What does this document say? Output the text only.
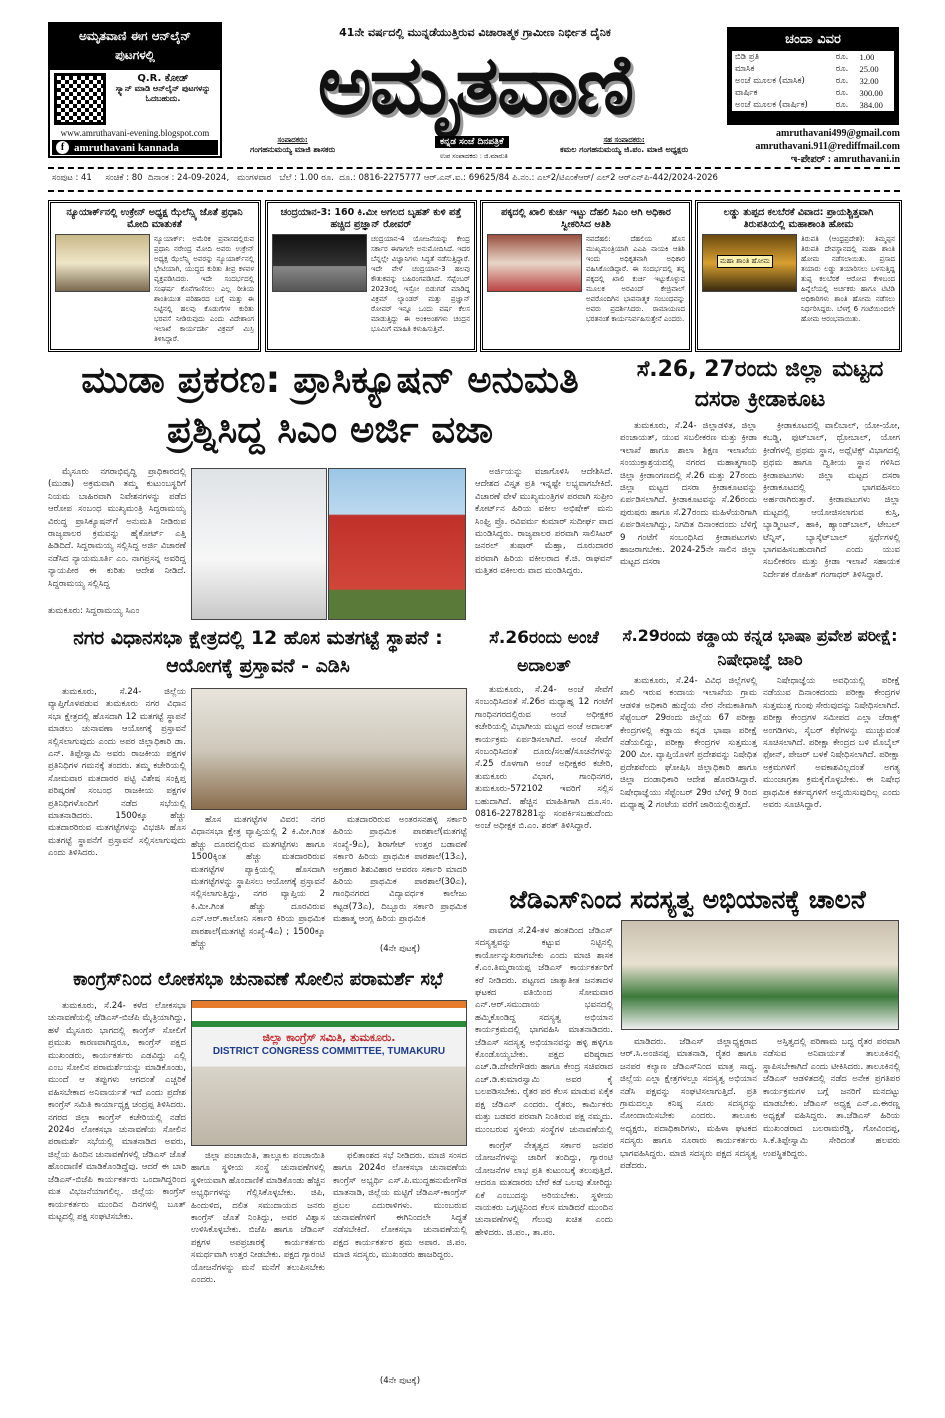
ಅಮೃತವಾಣಿ ಈಗ ಆನ್‌ಲೈನ್ ಪುಟಗಳಲ್ಲಿ
Q.R. ಕೋಡ್
ಸ್ಕ್ಯಾನ್ ಮಾಡಿ ಆನ್‌ಲೈನ್ ಪುಟಗಳನ್ನು ಓದಬಹುದು.
www.amruthavani-evening.blogspot.com
f amruthavani kannada
41ನೇ ವರ್ಷದಲ್ಲಿ ಮುನ್ನಡೆಯುತ್ತಿರುವ ವಿಚಾರಾತ್ಮಕ ಗ್ರಾಮೀಣ ನಿರ್ಭೀತ ದೈನಿಕ
ಅಮೃತವಾಣಿ
ಕನ್ನಡ ಸಂಜೆ ದಿನಪತ್ರಿಕೆ
ಉಪ ಸಂಪಾದಕರು : ಜಿ.ಮಾರುತಿ
ಸಂಪಾದಕರು:
ಗಂಗಹನುಮಯ್ಯ ಮಾಜಿ ಶಾಸಕರು
ಸಹ ಸಂಪಾದಕರು:
ಕಮಲ ಗಂಗಹನುಮಯ್ಯ ಜಿ.ಪಂ. ಮಾಜಿ ಅಧ್ಯಕ್ಷರು
ಚಂದಾ ವಿವರ
ಬಿಡಿ ಪ್ರತಿ	ರೂ.	1.00
ಮಾಸಿಕ	ರೂ.	25.00
ಅಂಚೆ ಮೂಲಕ (ಮಾಸಿಕ)	ರೂ.	32.00
ವಾರ್ಷಿಕ	ರೂ.	300.00
ಅಂಚೆ ಮೂಲಕ (ವಾರ್ಷಿಕ)	ರೂ.	384.00
amruthavani499@gmail.com
amruthavani.911@rediffmail.com
ಇ-ಪೇಪರ್ : amruthavani.in
ಸಂಪುಟ : 41     ಸಂಚಿಕೆ : 80  ದಿನಾಂಕ : 24-09-2024,   ಮಂಗಳವಾರ   ಬೆಲೆ : 1.00 ರೂ.  ದೂ.: 0816-2275777 ಆರ್.ಎನ್.ಐ.: 69625/84 ಪಿ.ನಂ.: ಎಲ್2/ಟಿಎಂಕೆಆರ್/ ಎಲ್2 ಆರ್‌ಎನ್‌ಪಿ-442/2024-2026
ನ್ಯೂಯಾರ್ಕ್‌ನಲ್ಲಿ ಉಕ್ರೇನ್ ಅಧ್ಯಕ್ಷ ಝೆಲೆನ್ಸ್ಕಿ ಜೊತೆ ಪ್ರಧಾನಿ ಮೋದಿ ಮಾತುಕತೆ
ನ್ಯೂಯಾರ್ಕ್: ಅಮೆರಿಕ ಪ್ರವಾಸದಲ್ಲಿರುವ ಪ್ರಧಾನಿ ನರೇಂದ್ರ ಮೋದಿ ಅವರು ಉಕ್ರೇನ್ ಅಧ್ಯಕ್ಷ ಝೆಲೆನ್ಸ್ಕಿ ಅವರನ್ನು ನ್ಯೂಯಾರ್ಕ್‌ನಲ್ಲಿ ಭೇಟಿಯಾಗಿ, ಯುದ್ಧದ ಕುರಿತು ತೀವ್ರ ಕಳವಳ ವ್ಯಕ್ತಪಡಿಸಿದರು. ಇದೇ ಸಂದರ್ಭದಲ್ಲಿ ಸಂಘರ್ಷ ಕೊನೆಗಾಣಿಸಲು ಎಲ್ಲ ರೀತಿಯ ಶಾಂತಿಯುತ ಪರಿಹಾರದ ಬಗ್ಗೆ ಮತ್ತು ಈ ನಿಟ್ಟಿನಲ್ಲಿ ಹಲವು ಕೊಡುಗೆಗಳ ಕುರಿತು ಭರವಸೆ ನೀಡಿರುವುದು ಎಂದು ವಿದೇಶಾಂಗ ಇಲಾಖೆ ಕಾರ್ಯದರ್ಶಿ ವಿಕ್ರಮ್ ಮಿಸ್ರಿ ತಿಳಿಸಿದ್ದಾರೆ.
ಚಂದ್ರಯಾನ-3: 160 ಕಿ.ಮೀ ಅಗಲದ ಬೃಹತ್ ಕುಳಿ ಪತ್ತೆ ಹಚ್ಚಿದ ಪ್ರಜ್ಞಾನ್ ರೋವರ್
ಚಂದ್ರಯಾನ-4 ಯೋಜನೆಯನ್ನು ಕೇಂದ್ರ ಸರ್ಕಾರ ಈಗಾಗಲೇ ಅನುಮೋದಿಸಿದೆ. ಇದರ ಬೆನ್ನಲ್ಲೇ ವಿಜ್ಞಾನಿಗಳು ಸಿದ್ಧತೆ ನಡೆಸುತ್ತಿದ್ದಾರೆ. ಇದೇ ವೇಳೆ ಚಂದ್ರಯಾನ-3 ಹಲವು ಕೌತುಕವನ್ನು ಬಹಿರಂಗಪಡಿಸಿದೆ. ಸೆಪ್ಟೆಂಬರ್ 2023ರಲ್ಲಿ ಇಸ್ರೋ ಬಿಡುಗಡೆ ಮಾಡಿದ್ದ ವಿಕ್ರಮ್ ಲ್ಯಾಂಡರ್ ಮತ್ತು ಪ್ರಜ್ಞಾನ್ ರೋವರ್ ಇನ್ನೂ ಒಂದು ವರ್ಷ ಕೆಲಸ ಮಾಡುತ್ತಿದ್ದು ಈ ಅಂಕಿಅಂಶಗಳು ಚಂದ್ರನ ಭೂಮಿಗೆ ಮಾಹಿತಿ ಕಳುಹಿಸುತ್ತಿವೆ.
ಪಕ್ಕದಲ್ಲಿ ಖಾಲಿ ಕುರ್ಚಿ ಇಟ್ಟು ದೆಹಲಿ ಸಿಎಂ ಆಗಿ ಅಧಿಕಾರ ಸ್ವೀಕರಿಸಿದ ಆತಿಶಿ
ನವದೆಹಲಿ: ದೆಹಲಿಯ ಹೊಸ ಮುಖ್ಯಮಂತ್ರಿಯಾಗಿ ಎಎಪಿ ನಾಯಕಿ ಆತಿಶಿ ಇಂದು ಅಧಿಕೃತವಾಗಿ ಅಧಿಕಾರ ವಹಿಸಿಕೊಂಡಿದ್ದಾರೆ. ಈ ಸಂದರ್ಭದಲ್ಲಿ ತನ್ನ ಪಕ್ಕದಲ್ಲಿ ಖಾಲಿ ಕುರ್ಚಿ ಇಟ್ಟುಕೊಳ್ಳುವ ಮೂಲಕ ಅರವಿಂದ್ ಕೇಜ್ರಿವಾಲ್ ಅವರೊಂದಿಗಿನ ಭಾವನಾತ್ಮಕ ಸಂಬಂಧವನ್ನು ಅವರು ಪ್ರದರ್ಶಿಸಿದರು. ರಾಮಾಯಣದ ಭರತನಂತೆ ಕಾರ್ಯನಿರ್ವಹಿಸುತ್ತೇನೆ ಎಂದರು.
ಲಡ್ಡು ತುಪ್ಪದ ಕಲಬೆರಕೆ ವಿವಾದ: ಪ್ರಾಯಶ್ಚಿತ್ತವಾಗಿ ತಿರುಪತಿಯಲ್ಲಿ ಮಹಾಶಾಂತಿ ಹೋಮ
ಮಹಾ ಶಾಂತಿ ಹೋಮ
ತಿರುಪತಿ (ಆಂಧ್ರಪ್ರದೇಶ): ತಿಮ್ಮಪ್ಪನ ತಿರುಪತಿ ದೇವಸ್ಥಾನದಲ್ಲಿ ಮಹಾ ಶಾಂತಿ ಹೋಮ ನಡೆಸಲಾಯಿತು. ಪ್ರಸಾದ ತಯಾರು ಲಡ್ಡು ತಯಾರಿಸಲು ಬಳಸುತ್ತಿದ್ದ ತುಪ್ಪ ಕಲಬೆರಕೆ ಆರೋಪ ಕೇಳಿಬಂದ ಹಿನ್ನೆಲೆಯಲ್ಲಿ ಅರ್ಚಕರು ಹಾಗೂ ಟಿಟಿಡಿ ಅಧಿಕಾರಿಗಳು ಶಾಂತಿ ಹೋಮ ನಡೆಸಲು ನಿರ್ಧರಿಸಿದ್ದರು. ಬೆಳಗ್ಗೆ 6 ಗಂಟೆಯಿಂದಲೇ ಹೋಮ ಆರಂಭವಾಯಿತು.
ಮುಡಾ ಪ್ರಕರಣ: ಪ್ರಾಸಿಕ್ಯೂಷನ್ ಅನುಮತಿ ಪ್ರಶ್ನಿಸಿದ್ದ ಸಿಎಂ ಅರ್ಜಿ ವಜಾ
ಮೈಸೂರು ನಗರಾಭಿವೃದ್ಧಿ ಪ್ರಾಧಿಕಾರದಲ್ಲಿ (ಮುಡಾ) ಅಕ್ರಮವಾಗಿ ತಮ್ಮ ಕುಟುಂಬಸ್ಥರಿಗೆ ನಿಯಮ ಬಾಹಿರವಾಗಿ ನಿವೇಶನಗಳನ್ನು ಪಡೆದ ಆರೋಪ ಸಂಬಂಧ ಮುಖ್ಯಮಂತ್ರಿ ಸಿದ್ದರಾಮಯ್ಯ ವಿರುದ್ಧ ಪ್ರಾಸಿಕ್ಯೂಷನ್‌ಗೆ ಅನುಮತಿ ನೀಡಿರುವ ರಾಜ್ಯಪಾಲರ ಕ್ರಮವನ್ನು ಹೈಕೋರ್ಟ್ ಎತ್ತಿ ಹಿಡಿದಿದೆ. ಸಿದ್ದರಾಮಯ್ಯ ಸಲ್ಲಿಸಿದ್ದ ಅರ್ಜಿ ವಿಚಾರಣೆ ನಡೆಸಿದ ನ್ಯಾಯಮೂರ್ತಿ ಎಂ. ನಾಗಪ್ರಸನ್ನ ಅವರಿದ್ದ ನ್ಯಾಯಪೀಠ ಈ ಕುರಿತು ಆದೇಶ ನೀಡಿದೆ. ಸಿದ್ದರಾಮಯ್ಯ ಸಲ್ಲಿಸಿದ್ದ
ತುಮಕೂರು: ಸಿದ್ದರಾಮಯ್ಯ ಸಿಎಂ
ಅರ್ಜಿಯನ್ನು ವಜಾಗೊಳಿಸಿ ಆದೇಶಿಸಿದೆ. ಆದೇಶದ ವಿಸ್ತೃತ ಪ್ರತಿ ಇನ್ನಷ್ಟೇ ಲಭ್ಯವಾಗಬೇಕಿದೆ. ವಿಚಾರಣೆ ವೇಳೆ ಮುಖ್ಯಮಂತ್ರಿಗಳ ಪರವಾಗಿ ಸುಪ್ರೀಂ ಕೋರ್ಟ್‌ನ ಹಿರಿಯ ವಕೀಲ ಅಭಿಷೇಕ್ ಮನು ಸಿಂಘ್ವಿ ಪ್ರೊ. ರವಿವರ್ಮ ಕುಮಾರ್ ಸುದೀರ್ಘ ವಾದ ಮಂಡಿಸಿದ್ದರು. ರಾಜ್ಯಪಾಲರ ಪರವಾಗಿ ಸಾಲಿಸಿಟರ್ ಜನರಲ್ ತುಷಾರ್ ಮೆಹ್ತಾ, ದೂರುದಾರರ ಪರವಾಗಿ ಹಿರಿಯ ವಕೀಲರಾದ ಕೆ.ಜಿ. ರಾಘವನ್ ಮತ್ತಿತರ ವಕೀಲರು ವಾದ ಮಂಡಿಸಿದ್ದರು.
ಸೆ.26, 27ರಂದು ಜಿಲ್ಲಾ ಮಟ್ಟದ ದಸರಾ ಕ್ರೀಡಾಕೂಟ
ತುಮಕೂರು, ಸೆ.24- ಜಿಲ್ಲಾಡಳಿತ, ಜಿಲ್ಲಾ ಪಂಚಾಯತ್, ಯುವ ಸಬಲೀಕರಣ ಮತ್ತು ಕ್ರೀಡಾ ಇಲಾಖೆ ಹಾಗೂ ಶಾಲಾ ಶಿಕ್ಷಣ ಇಲಾಖೆಯ ಸಂಯುಕ್ತಾಶ್ರಯದಲ್ಲಿ ನಗರದ ಮಹಾತ್ಮಗಾಂಧಿ ಜಿಲ್ಲಾ ಕ್ರೀಡಾಂಗಣದಲ್ಲಿ ಸೆ.26 ಮತ್ತು 27ರಂದು ಜಿಲ್ಲಾ ಮಟ್ಟದ ದಸರಾ ಕ್ರೀಡಾಕೂಟವನ್ನು ಏರ್ಪಡಿಸಲಾಗಿದೆ. ಕ್ರೀಡಾಕೂಟವನ್ನು ಸೆ.26ರಂದು ಪುರುಷರು ಹಾಗೂ ಸೆ.27ರಂದು ಮಹಿಳೆಯರಿಗಾಗಿ ಏರ್ಪಡಿಸಲಾಗಿದ್ದು, ನಿಗದಿತ ದಿನಾಂಕದಂದು ಬೆಳಿಗ್ಗೆ 9 ಗಂಟೆಗೆ ಸಂಬಂಧಿಸಿದ ಕ್ರೀಡಾಪಟುಗಳು ಹಾಜರಾಗಬೇಕು. 2024-25ನೇ ಸಾಲಿನ ಜಿಲ್ಲಾ ಮಟ್ಟದ ದಸರಾ
ಕ್ರೀಡಾಕೂಟದಲ್ಲಿ ವಾಲಿಬಾಲ್, ಯೋ-ಯೋ, ಕಬಡ್ಡಿ, ಫುಟ್‌ಬಾಲ್, ಥ್ರೋಬಾಲ್, ಯೋಗ ಕ್ರೀಡೆಗಳಲ್ಲಿ ಪ್ರಥಮ ಸ್ಥಾನ, ಅಥ್ಲೆಟಿಕ್ಸ್ ವಿಭಾಗದಲ್ಲಿ ಪ್ರಥಮ ಹಾಗೂ ದ್ವಿತೀಯ ಸ್ಥಾನ ಗಳಿಸಿದ ಕ್ರೀಡಾಪಟುಗಳು ಜಿಲ್ಲಾ ಮಟ್ಟದ ದಸರಾ ಕ್ರೀಡಾಕೂಟದಲ್ಲಿ ಭಾಗವಹಿಸಲು ಅರ್ಹರಾಗಿರುತ್ತಾರೆ. ಕ್ರೀಡಾಪಟುಗಳು ಜಿಲ್ಲಾ ಮಟ್ಟದಲ್ಲಿ ಆಯೋಜಿಸಲಾಗುವ ಕುಸ್ತಿ, ಬ್ಯಾಡ್ಮಿಂಟನ್, ಹಾಕಿ, ಹ್ಯಾಂಡ್‌ಬಾಲ್, ಟೇಬಲ್ ಟೆನ್ನಿಸ್, ಬ್ಯಾಸ್ಕೆಟ್‌ಬಾಲ್ ಸ್ಪರ್ಧೆಗಳಲ್ಲಿ ಭಾಗವಹಿಸಬಹುದಾಗಿದೆ ಎಂದು ಯುವ ಸಬಲೀಕರಣ ಮತ್ತು ಕ್ರೀಡಾ ಇಲಾಖೆ ಸಹಾಯಕ ನಿರ್ದೇಶಕ ರೋಹಿತ್ ಗಂಗಾಧರ್ ತಿಳಿಸಿದ್ದಾರೆ.
ನಗರ ವಿಧಾನಸಭಾ ಕ್ಷೇತ್ರದಲ್ಲಿ 12 ಹೊಸ ಮತಗಟ್ಟೆ ಸ್ಥಾಪನೆ : ಆಯೋಗಕ್ಕೆ ಪ್ರಸ್ತಾವನೆ - ಎಡಿಸಿ
ತುಮಕೂರು, ಸೆ.24- ಜಿಲ್ಲೆಯ ವ್ಯಾಪ್ತಿಗೊಳಪಡುವ ತುಮಕೂರು ನಗರ ವಿಧಾನ ಸಭಾ ಕ್ಷೇತ್ರದಲ್ಲಿ ಹೊಸದಾಗಿ 12 ಮತಗಟ್ಟೆ ಸ್ಥಾಪನೆ ಮಾಡಲು ಚುನಾವಣಾ ಆಯೋಗಕ್ಕೆ ಪ್ರಸ್ತಾವನೆ ಸಲ್ಲಿಸಲಾಗುವುದು ಎಂದು ಅಪರ ಜಿಲ್ಲಾಧಿಕಾರಿ ಡಾ. ಎನ್. ತಿಪ್ಪೇಸ್ವಾಮಿ ಅವರು ರಾಜಕೀಯ ಪಕ್ಷಗಳ ಪ್ರತಿನಿಧಿಗಳ ಗಮನಕ್ಕೆ ತಂದರು. ತಮ್ಮ ಕಚೇರಿಯಲ್ಲಿ ಸೋಮವಾರ ಮತದಾರರ ಪಟ್ಟಿ ವಿಶೇಷ ಸಂಕ್ಷಿಪ್ತ ಪರಿಷ್ಕರಣೆ ಸಂಬಂಧ ರಾಜಕೀಯ ಪಕ್ಷಗಳ ಪ್ರತಿನಿಧಿಗಳೊಂದಿಗೆ ನಡೆದ ಸಭೆಯಲ್ಲಿ ಮಾತನಾಡಿದರು. 1500ಕ್ಕೂ ಹೆಚ್ಚು ಮತದಾರರಿರುವ ಮತಗಟ್ಟೆಗಳನ್ನು ವಿಭಜಿಸಿ ಹೊಸ ಮತಗಟ್ಟೆ ಸ್ಥಾಪನೆಗೆ ಪ್ರಸ್ತಾವನೆ ಸಲ್ಲಿಸಲಾಗುವುದು ಎಂದು ತಿಳಿಸಿದರು.
ಹೊಸ ಮತಗಟ್ಟೆಗಳ ವಿವರ: ನಗರ ವಿಧಾನಸಭಾ ಕ್ಷೇತ್ರ ವ್ಯಾಪ್ತಿಯಲ್ಲಿ 2 ಕಿ.ಮೀ.ಗಿಂತ ಹೆಚ್ಚು ದೂರದಲ್ಲಿರುವ ಮತಗಟ್ಟೆಗಳು ಹಾಗೂ 1500ಕ್ಕಿಂತ ಹೆಚ್ಚು ಮತದಾರರಿರುವ ಮತಗಟ್ಟೆಗಳ ಪ್ಯಾಕ್ತಿಯಲ್ಲಿ ಹೊಸದಾಗಿ ಮತಗಟ್ಟೆಗಳನ್ನು ಸ್ಥಾಪಿಸಲು ಆಯೋಗಕ್ಕೆ ಪ್ರಸ್ತಾವನೆ ಸಲ್ಲಿಸಲಾಗುತ್ತಿದ್ದು, ನಗರ ವ್ಯಾಪ್ತಿಯ 2 ಕಿ.ಮೀ.ಗಿಂತ ಹೆಚ್ಚು ದೂರವಿರುವ ಎನ್.ಆರ್.ಕಾಲೋನಿ ಸರ್ಕಾರಿ ಕಿರಿಯ ಪ್ರಾಥಮಿಕ ಪಾಠಶಾಲೆ(ಮತಗಟ್ಟೆ ಸಂಖ್ಯೆ-4ಎ) ; 1500ಕ್ಕೂ ಹೆಚ್ಚು
ಮತದಾರರಿರುವ ಅಂತರಸನಹಳ್ಳಿ ಸರ್ಕಾರಿ ಹಿರಿಯ ಪ್ರಾಥಮಿಕ ಪಾಠಶಾಲೆ(ಮತಗಟ್ಟೆ ಸಂಖ್ಯೆ-9ಎ), ಶಿರಾಗೇಟ್ ಉತ್ತರ ಬಡಾವಣೆ ಸರ್ಕಾರಿ ಹಿರಿಯ ಪ್ರಾಥಮಿಕ ಪಾಠಶಾಲೆ(13ಎ), ಅಗ್ರಹಾರ ಶಿಶುವಿಹಾರ ಆವರಣ ಸರ್ಕಾರಿ ಮಾದರಿ ಹಿರಿಯ ಪ್ರಾಥಮಿಕ ಪಾಠಶಾಲೆ(30ಎ), ಗಾಂಧಿನಗರದ ವಿದ್ಯಾವರ್ಧಕ ಕಾಲೇಜು ಕಟ್ಟಡ(73ಎ), ದಿಬ್ಬೂರು ಸರ್ಕಾರಿ ಪ್ರಾಥಮಿಕ ಮಹಾತ್ಮ ಆಂಗ್ಲ ಹಿರಿಯ ಪ್ರಾಥಮಿಕ
(4ನೇ ಪುಟಕ್ಕೆ)
ಸೆ.26ರಂದು ಅಂಚೆ ಅದಾಲತ್
ತುಮಕೂರು, ಸೆ.24- ಅಂಚೆ ಸೇವೆಗೆ ಸಂಬಂಧಿಸಿದಂತೆ ಸೆ.26ರ ಮಧ್ಯಾಹ್ನ 12 ಗಂಟೆಗೆ ಗಾಂಧಿನಗರದಲ್ಲಿರುವ ಅಂಚೆ ಅಧೀಕ್ಷಕರ ಕಚೇರಿಯಲ್ಲಿ ವಿಭಾಗೀಯ ಮಟ್ಟದ ಅಂಚೆ ಅದಾಲತ್ ಕಾರ್ಯಕ್ರಮ ಏರ್ಪಡಿಸಲಾಗಿದೆ. ಅಂಚೆ ಸೇವೆಗೆ ಸಂಬಂಧಿಸಿದಂತೆ ದೂರು/ಸಲಹೆ/ಸೂಚನೆಗಳನ್ನು ಸೆ.25 ರೊಳಗಾಗಿ ಅಂಚೆ ಅಧೀಕ್ಷಕರ ಕಚೇರಿ, ತುಮಕೂರು ವಿಭಾಗ, ಗಾಂಧಿನಗರ, ತುಮಕೂರು-572102 ಇವರಿಗೆ ಸಲ್ಲಿಸ ಬಹುದಾಗಿದೆ. ಹೆಚ್ಚಿನ ಮಾಹಿತಿಗಾಗಿ ದೂ.ಸಂ. 0816-2278281ನ್ನು ಸಂಪರ್ಕಿಸಬಹುದೆಂದು ಅಂಚೆ ಅಧೀಕ್ಷಕ ಬಿ.ಎಂ. ಶರತ್ ತಿಳಿಸಿದ್ದಾರೆ.
ಸೆ.29ರಂದು ಕಡ್ಡಾಯ ಕನ್ನಡ ಭಾಷಾ ಪ್ರವೇಶ ಪರೀಕ್ಷೆ: ನಿಷೇಧಾಜ್ಞೆ ಜಾರಿ
ತುಮಕೂರು, ಸೆ.24- ವಿವಿಧ ಜಿಲ್ಲೆಗಳಲ್ಲಿ ಖಾಲಿ ಇರುವ ಕಂದಾಯ ಇಲಾಖೆಯ ಗ್ರಾಮ ಆಡಳಿತ ಅಧಿಕಾರಿ ಹುದ್ದೆಯ ನೇರ ನೇಮಕಾತಿಗಾಗಿ ಸೆಪ್ಟೆಂಬರ್ 29ರಂದು ಜಿಲ್ಲೆಯ 67 ಪರೀಕ್ಷಾ ಕೇಂದ್ರಗಳಲ್ಲಿ ಕಡ್ಡಾಯ ಕನ್ನಡ ಭಾಷಾ ಪರೀಕ್ಷೆ ನಡೆಯಲಿದ್ದು, ಪರೀಕ್ಷಾ ಕೇಂದ್ರಗಳ ಸುತ್ತಮುತ್ತ 200 ಮೀ. ವ್ಯಾಪ್ತಿಯೊಳಗೆ ಪ್ರದೇಶವನ್ನು ನಿಷೇಧಿತ ಪ್ರದೇಶವೆಂದು ಘೋಷಿಸಿ ಜಿಲ್ಲಾಧಿಕಾರಿ ಹಾಗೂ ಜಿಲ್ಲಾ ದಂಡಾಧಿಕಾರಿ ಆದೇಶ ಹೊರಡಿಸಿದ್ದಾರೆ. ನಿಷೇಧಾಜ್ಞೆಯು ಸೆಪ್ಟೆಂಬರ್ 29ರ ಬೆಳಿಗ್ಗೆ 9 ರಿಂದ ಮಧ್ಯಾಹ್ನ 2 ಗಂಟೆಯ ವರೆಗೆ ಜಾರಿಯಲ್ಲಿರುತ್ತದೆ.
ನಿಷೇಧಾಜ್ಞೆಯ ಅವಧಿಯಲ್ಲಿ ಪರೀಕ್ಷೆ ನಡೆಯುವ ದಿನಾಂಕದಂದು ಪರೀಕ್ಷಾ ಕೇಂದ್ರಗಳ ಸುತ್ತಮುತ್ತ ಗುಂಪು ಸೇರುವುದನ್ನು ನಿಷೇಧಿಸಲಾಗಿದೆ. ಪರೀಕ್ಷಾ ಕೇಂದ್ರಗಳ ಸಮೀಪದ ಎಲ್ಲಾ ಜೆರಾಕ್ಸ್ ಅಂಗಡಿಗಳು, ಸೈಬರ್ ಕೆಫೆಗಳನ್ನು ಮುಚ್ಚುವಂತೆ ಸೂಚಿಸಲಾಗಿದೆ. ಪರೀಕ್ಷಾ ಕೇಂದ್ರದ ಬಳಿ ಮೊಬೈಲ್ ಫೋನ್, ಪೇಜರ್ ಬಳಕೆ ನಿಷೇಧಿಸಲಾಗಿದೆ. ಪರೀಕ್ಷಾ ಅಕ್ರಮಗಳಿಗೆ ಅವಕಾಶವಿಲ್ಲದಂತೆ ಅಗತ್ಯ ಮುಂಜಾಗ್ರತಾ ಕ್ರಮಕೈಗೊಳ್ಳಬೇಕು. ಈ ನಿಷೇಧ ಪ್ರಾಥಮಿಕ ಕರ್ತವ್ಯಗಳಿಗೆ ಅನ್ವಯಿಸುವುದಿಲ್ಲ ಎಂದು ಅವರು ಸೂಚಿಸಿದ್ದಾರೆ.
ಜೆಡಿಎಸ್‌ನಿಂದ ಸದಸ್ಯತ್ವ ಅಭಿಯಾನಕ್ಕೆ ಚಾಲನೆ
ಪಾವಗಡ ಸೆ.24-ತಳ ಹಂತದಿಂದ ಜೆಡಿಎಸ್ ಸದಸ್ಯತ್ವವನ್ನು ಕಟ್ಟುವ ನಿಟ್ಟಿನಲ್ಲಿ ಕಾರ್ಯೋನ್ಮುಖರಾಗಬೇಕು ಎಂದು ಮಾಜಿ ಶಾಸಕ ಕೆ.ಎಂ.ತಿಮ್ಮರಾಯಪ್ಪ ಜೆಡಿಎಸ್ ಕಾರ್ಯಕರ್ತರಿಗೆ ಕರೆ ನೀಡಿದರು. ಪಟ್ಟಣದ ಜಾತ್ಯಾತೀತ ಜನತಾದಳ ಘಟಕದ ವತಿಯಿಂದ ಸೋಮವಾರ ಎನ್.ಆರ್.ಸಮುದಾಯ ಭವನದಲ್ಲಿ ಹಮ್ಮಿಕೊಂಡಿದ್ದ ಸದಸ್ಯತ್ವ ಅಭಿಯಾನ ಕಾರ್ಯಕ್ರಮದಲ್ಲಿ ಭಾಗವಹಿಸಿ ಮಾತನಾಡಿದರು. ಜೆಡಿಎಸ್ ಸದಸ್ಯತ್ವ ಅಭಿಯಾನವನ್ನು ಹಳ್ಳಿ ಹಳ್ಳಿಗೂ ಕೊಂಡೊಯ್ಯಬೇಕು. ಪಕ್ಷದ ವರಿಷ್ಠರಾದ ಎಚ್.ಡಿ.ದೇವೇಗೌಡರು ಹಾಗೂ ಕೇಂದ್ರ ಸಚಿವರಾದ ಎಚ್.ಡಿ.ಕುಮಾರಸ್ವಾಮಿ ಅವರ ಕೈ ಬಲಪಡಿಸಬೇಕು. ರೈತರ ಪರ ಕೆಲಸ ಮಾಡುವ ಏಕೈಕ ಪಕ್ಷ ಜೆಡಿಎಸ್ ಎಂದರು. ರೈತರು, ಕಾರ್ಮಿಕರು ಮತ್ತು ಬಡವರ ಪರವಾಗಿ ನಿಂತಿರುವ ಪಕ್ಷ ನಮ್ಮದು. ಮುಂಬರುವ ಸ್ಥಳೀಯ ಸಂಸ್ಥೆಗಳ ಚುನಾವಣೆಯಲ್ಲಿ
ಮಾಡಿದರು. ಜೆಡಿಎಸ್ ಜಿಲ್ಲಾಧ್ಯಕ್ಷರಾದ ಆರ್.ಸಿ.ಅಂಜಿನಪ್ಪ ಮಾತನಾಡಿ, ರೈತರ ಹಾಗೂ ಜನಪರ ಕಲ್ಯಾಣ ಜೆಡಿಎಸ್‌ನಿಂದ ಮಾತ್ರ ಸಾಧ್ಯ. ಜಿಲ್ಲೆಯ ಎಲ್ಲಾ ಕ್ಷೇತ್ರಗಳಲ್ಲೂ ಸದಸ್ಯತ್ವ ಅಭಿಯಾನ ನಡೆಸಿ ಪಕ್ಷವನ್ನು ಸಂಘಟಿಸಲಾಗುತ್ತಿದೆ. ಪ್ರತಿ ಗ್ರಾಮದಲ್ಲೂ ಕನಿಷ್ಠ ನೂರು ಸದಸ್ಯರನ್ನು ನೋಂದಾಯಿಸಬೇಕು ಎಂದರು. ತಾಲೂಕು ಅಧ್ಯಕ್ಷರು, ಪದಾಧಿಕಾರಿಗಳು, ಮಹಿಳಾ ಘಟಕದ ಸದಸ್ಯರು ಹಾಗೂ ನೂರಾರು ಕಾರ್ಯಕರ್ತರು ಭಾಗವಹಿಸಿದ್ದರು. ಮಾಜಿ ಸದಸ್ಯರು ಪಕ್ಷದ ಸದಸ್ಯತ್ವ ಪಡೆದರು.
ಅಸ್ತಿತ್ವದಲ್ಲಿ ಪರಿಣಾಮ ಬದ್ಧ ರೈತರ ಪರವಾಗಿ ನಡೆಸುವ ಅನಿವಾರ್ಯತೆ ತಾಲೂಕಿನಲ್ಲಿ ಸ್ಥಾಪಿಸಬೇಕಾಗಿದೆ ಎಂದು ಟೀಕಿಸಿದರು. ತಾಲೂಕಿನಲ್ಲಿ ಜೆಡಿಎಸ್ ಆಡಳಿತದಲ್ಲಿ ನಡೆದ ಅನೇಕ ಪ್ರಗತಿಪರ ಕಾರ್ಯಕ್ರಮಗಳ ಬಗ್ಗೆ ಜನರಿಗೆ ಮನದಟ್ಟು ಮಾಡಬೇಕು. ಜೆಡಿಎಸ್ ಅಧ್ಯಕ್ಷ ಎನ್.ಎ.ಈರಣ್ಣ ಅಧ್ಯಕ್ಷತೆ ವಹಿಸಿದ್ದರು. ತಾ.ಜೆಡಿಎಸ್ ಹಿರಿಯ ಮುಖಂಡರಾದ ಬಲರಾಮರೆಡ್ಡಿ, ಗೋವಿಂದಪ್ಪ, ಸಿ.ಕೆ.ತಿಪ್ಪೇಸ್ವಾಮಿ ಸೇರಿದಂತೆ ಹಲವರು ಉಪಸ್ಥಿತರಿದ್ದರು.
ಕಾಂಗ್ರೆಸ್‌ನಿಂದ ಲೋಕಸಭಾ ಚುನಾವಣೆ ಸೋಲಿನ ಪರಾಮರ್ಶೆ ಸಭೆ
ತುಮಕೂರು, ಸೆ.24- ಕಳೆದ ಲೋಕಸಭಾ ಚುನಾವಣೆಯಲ್ಲಿ ಜೆಡಿಎಸ್-ಬಿಜೆಪಿ ಮೈತ್ರಿಯಾಗಿದ್ದು, ಹಳೆ ಮೈಸೂರು ಭಾಗದಲ್ಲಿ ಕಾಂಗ್ರೆಸ್ ಸೋಲಿಗೆ ಪ್ರಮುಖ ಕಾರಣವಾಗಿದ್ದರೂ, ಕಾಂಗ್ರೆಸ್ ಪಕ್ಷದ ಮುಖಂಡರು, ಕಾರ್ಯಕರ್ತರು ಎಡವಿದ್ದು ಎಲ್ಲಿ ಎಂಬ ಸೋಲಿನ ಪರಾಮರ್ಶೆಯನ್ನು ಮಾಡಿಕೊಂಡು, ಮುಂದೆ ಆ ತಪ್ಪುಗಳು ಆಗದಂತೆ ಎಚ್ಚರಿಕೆ ವಹಿಸಬೇಕಾದ ಅನಿವಾರ್ಯತೆ ಇದೆ ಎಂದು ಪ್ರದೇಶ ಕಾಂಗ್ರೆಸ್ ಸಮಿತಿ ಕಾರ್ಯಾಧ್ಯಕ್ಷ ಚಂದ್ರಪ್ಪ ತಿಳಿಸಿದರು. ನಗರದ ಜಿಲ್ಲಾ ಕಾಂಗ್ರೆಸ್ ಕಚೇರಿಯಲ್ಲಿ ನಡೆದ 2024ರ ಲೋಕಸಭಾ ಚುನಾವಣೆಯ ಸೋಲಿನ ಪರಾಮರ್ಶೆ ಸಭೆಯಲ್ಲಿ ಮಾತನಾಡಿದ ಅವರು, ಜಿಲ್ಲೆಯ ಹಿಂದಿನ ಚುನಾವಣೆಗಳಲ್ಲಿ ಜೆಡಿಎಸ್ ಜೊತೆ ಹೊಂದಾಣಿಕೆ ಮಾಡಿಕೊಂಡಿದ್ದೆವು. ಆದರೆ ಈ ಬಾರಿ ಜೆಡಿಎಸ್-ಬಿಜೆಪಿ ಕಾರ್ಯಕರ್ತರು ಒಂದಾಗಿದ್ದರಿಂದ ಮತ ವಿಭಜನೆಯಾಗಲಿಲ್ಲ. ಜಿಲ್ಲೆಯ ಕಾಂಗ್ರೆಸ್ ಕಾರ್ಯಕರ್ತರು ಮುಂದಿನ ದಿನಗಳಲ್ಲಿ ಬೂತ್ ಮಟ್ಟದಲ್ಲಿ ಪಕ್ಷ ಸಂಘಟಿಸಬೇಕು.
ಜಿಲ್ಲಾ ಕಾಂಗ್ರೆಸ್ ಸಮಿತಿ, ತುಮಕೂರು.
DISTRICT CONGRESS COMMITTEE, TUMAKURU
ಜಿಲ್ಲಾ ಪಂಚಾಯಿತಿ, ತಾಲ್ಲೂಕು ಪಂಚಾಯಿತಿ ಹಾಗೂ ಸ್ಥಳೀಯ ಸಂಸ್ಥೆ ಚುನಾವಣೆಗಳಲ್ಲಿ ಸ್ಥಳೀಯವಾಗಿ ಹೊಂದಾಣಿಕೆ ಮಾಡಿಕೊಂಡು ಹೆಚ್ಚಿನ ಅಭ್ಯರ್ಥಿಗಳನ್ನು ಗೆಲ್ಲಿಸಿಕೊಳ್ಳಬೇಕು. ಜಿಪಿ, ಹಿಂದುಳಿದ, ದಲಿತ ಸಮುದಾಯದ ಜನರು ಕಾಂಗ್ರೆಸ್ ಜೊತೆ ನಿಂತಿದ್ದು, ಅವರ ವಿಶ್ವಾಸ ಉಳಿಸಿಕೊಳ್ಳಬೇಕು. ಬಿಜೆಪಿ ಹಾಗೂ ಜೆಡಿಎಸ್ ಪಕ್ಷಗಳ ಅಪಪ್ರಚಾರಕ್ಕೆ ಕಾರ್ಯಕರ್ತರು ಸಮರ್ಥವಾಗಿ ಉತ್ತರ ನೀಡಬೇಕು. ಪಕ್ಷದ ಗ್ಯಾರಂಟಿ ಯೋಜನೆಗಳನ್ನು ಮನೆ ಮನೆಗೆ ತಲುಪಿಸಬೇಕು ಎಂದರು.
ಫಲಿತಾಂಶದ ಸಭೆ ನೀಡಿದರು. ಮಾಜಿ ಸಂಸದ ಹಾಗೂ 2024ರ ಲೋಕಸಭಾ ಚುನಾವಣೆಯ ಕಾಂಗ್ರೆಸ್ ಅಭ್ಯರ್ಥಿ ಎಸ್.ಪಿ.ಮುದ್ದಹನುಮೇಗೌಡ ಮಾತನಾಡಿ, ಜಿಲ್ಲೆಯ ಮಟ್ಟಿಗೆ ಜೆಡಿಎಸ್-ಕಾಂಗ್ರೆಸ್ ಪ್ರಬಲ ಎದುರಾಳಿಗಳು. ಮುಂಬರುವ ಚುನಾವಣೆಗಳಿಗೆ ಈಗಿನಿಂದಲೇ ಸಿದ್ಧತೆ ನಡೆಸಬೇಕಿದೆ. ಲೋಕಸಭಾ ಚುನಾವಣೆಯಲ್ಲಿ ಪಕ್ಷದ ಕಾರ್ಯಕರ್ತರ ಶ್ರಮ ಅಪಾರ. ಜಿ.ಪಂ. ಮಾಜಿ ಸದಸ್ಯರು, ಮುಖಂಡರು ಹಾಜರಿದ್ದರು.
(4ನೇ ಪುಟಕ್ಕೆ)
ಕಾಂಗ್ರೆಸ್ ನೇತೃತ್ವದ ಸರ್ಕಾರ ಜನಪರ ಯೋಜನೆಗಳನ್ನು ಜಾರಿಗೆ ತಂದಿದ್ದು, ಗ್ಯಾರಂಟಿ ಯೋಜನೆಗಳ ಲಾಭ ಪ್ರತಿ ಕುಟುಂಬಕ್ಕೆ ತಲುಪುತ್ತಿದೆ. ಆದರೂ ಮತದಾರರು ಬೇರೆ ಕಡೆ ಒಲವು ತೋರಿದ್ದು ಏಕೆ ಎಂಬುದನ್ನು ಅರಿಯಬೇಕು. ಸ್ಥಳೀಯ ನಾಯಕರು ಒಗ್ಗಟ್ಟಿನಿಂದ ಕೆಲಸ ಮಾಡಿದರೆ ಮುಂದಿನ ಚುನಾವಣೆಗಳಲ್ಲಿ ಗೆಲುವು ಖಚಿತ ಎಂದು ಹೇಳಿದರು. ಜಿ.ಪಂ., ತಾ.ಪಂ.
